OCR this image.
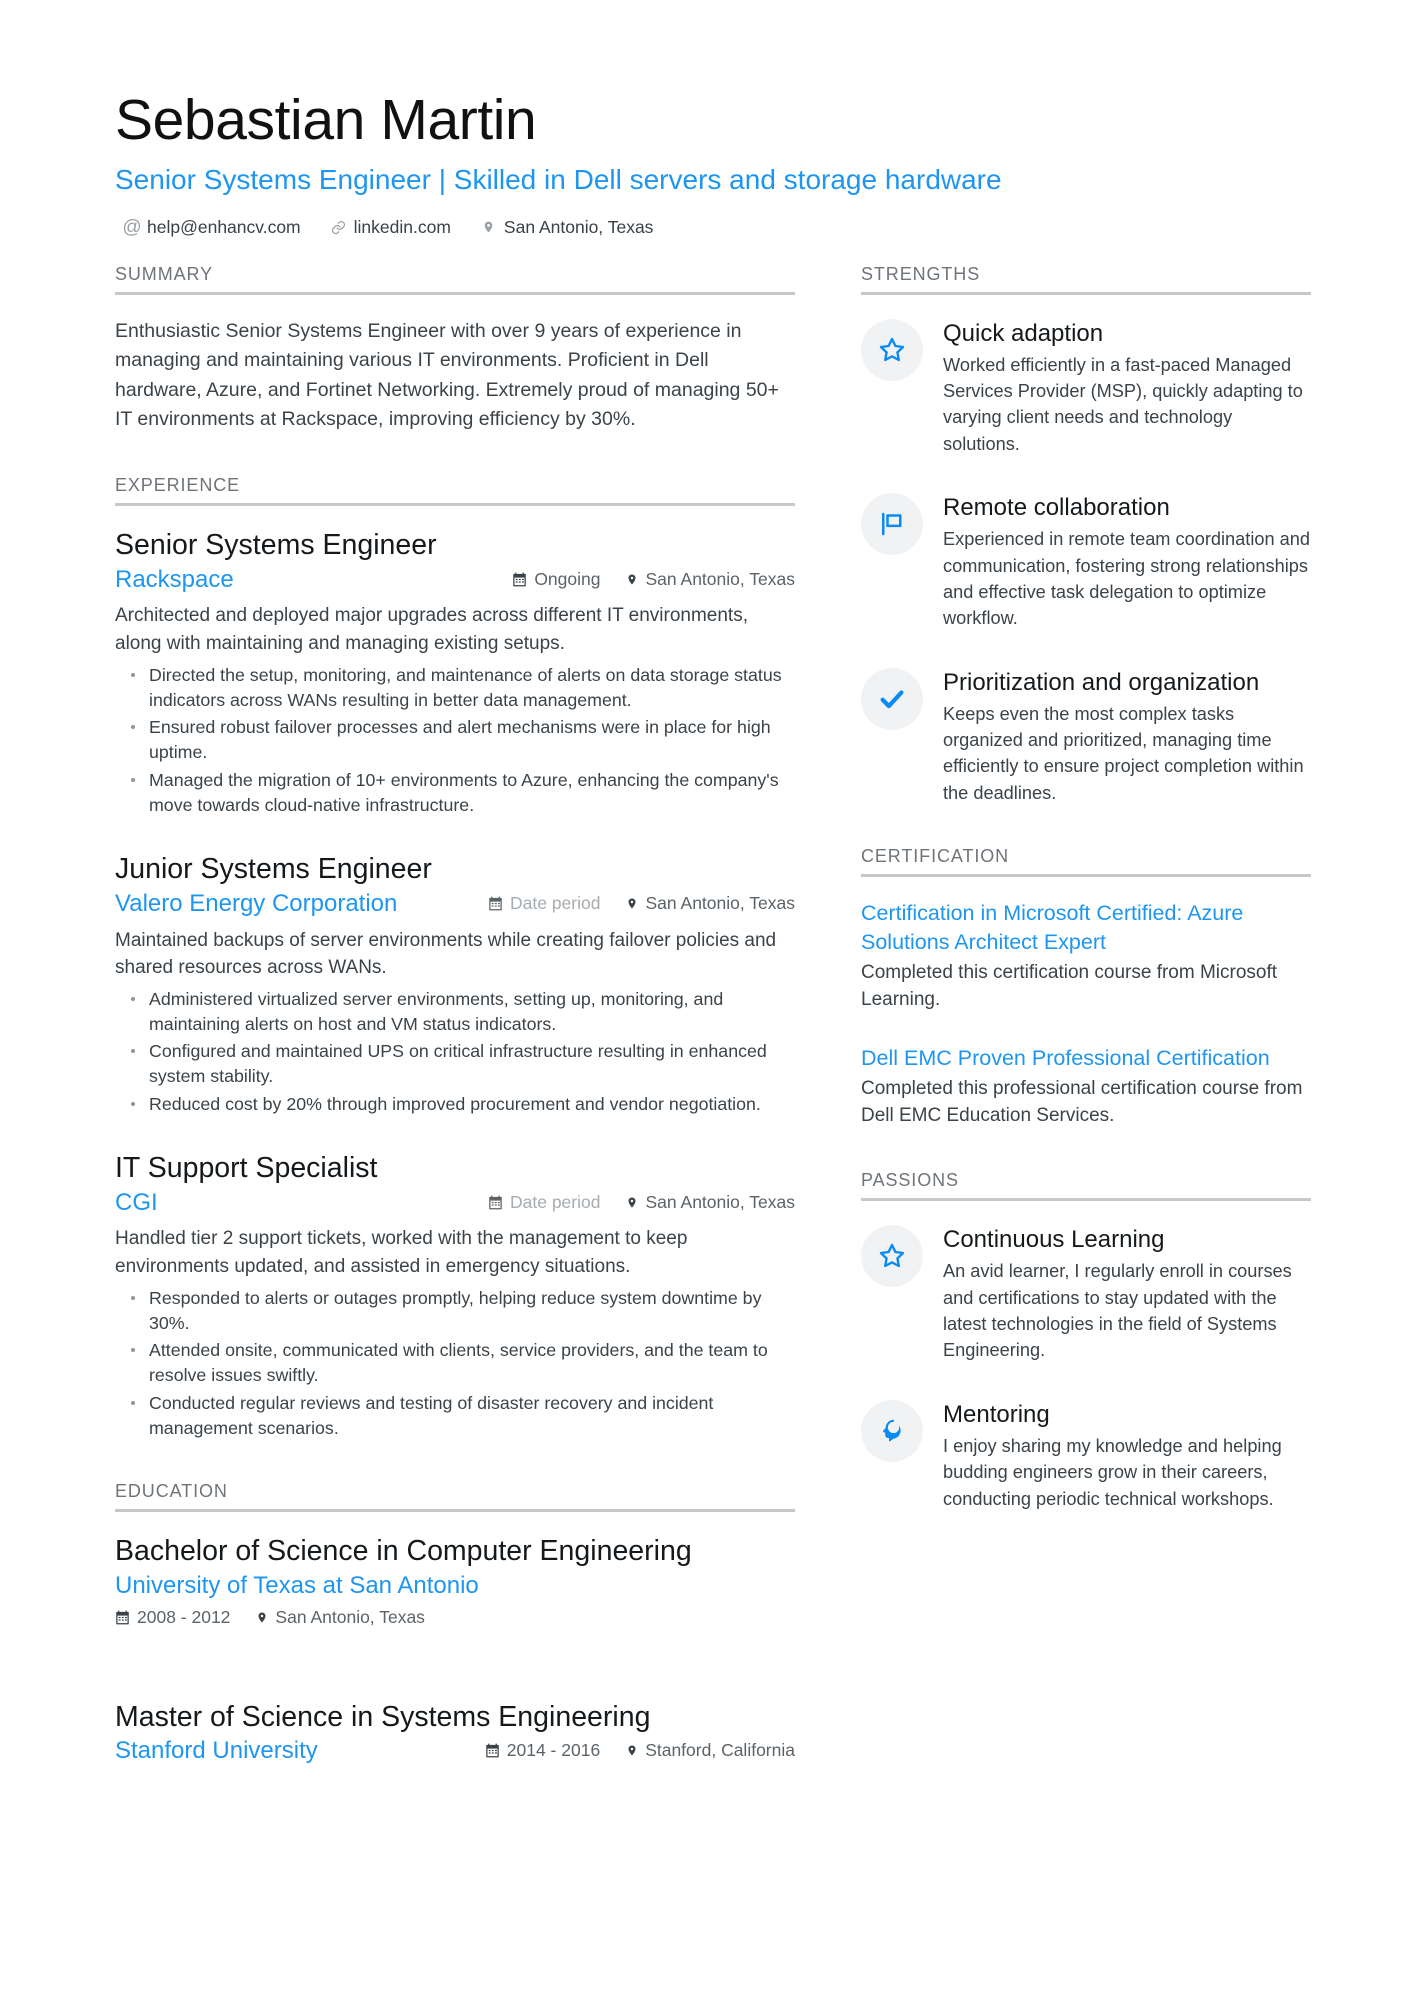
Sebastian Martin
Senior Systems Engineer | Skilled in Dell servers and storage hardware
@ help@enhancv.com	linkedin.com	San Antonio, Texas
SUMMARY
Enthusiastic Senior Systems Engineer with over 9 years of experience in managing and maintaining various IT environments. Proficient in Dell hardware, Azure, and Fortinet Networking. Extremely proud of managing 50+ IT environments at Rackspace, improving efficiency by 30%.
EXPERIENCE
Senior Systems Engineer
Rackspace	Ongoing	San Antonio, Texas
Architected and deployed major upgrades across different IT environments, along with maintaining and managing existing setups.
Directed the setup, monitoring, and maintenance of alerts on data storage status indicators across WANs resulting in better data management.
Ensured robust failover processes and alert mechanisms were in place for high uptime.
Managed the migration of 10+ environments to Azure, enhancing the company's move towards cloud-native infrastructure.
Junior Systems Engineer
Valero Energy Corporation	Date period	San Antonio, Texas
Maintained backups of server environments while creating failover policies and shared resources across WANs.
Administered virtualized server environments, setting up, monitoring, and maintaining alerts on host and VM status indicators.
Configured and maintained UPS on critical infrastructure resulting in enhanced system stability.
Reduced cost by 20% through improved procurement and vendor negotiation.
IT Support Specialist
CGI	Date period	San Antonio, Texas
Handled tier 2 support tickets, worked with the management to keep environments updated, and assisted in emergency situations.
Responded to alerts or outages promptly, helping reduce system downtime by 30%.
Attended onsite, communicated with clients, service providers, and the team to resolve issues swiftly.
Conducted regular reviews and testing of disaster recovery and incident management scenarios.
EDUCATION
Bachelor of Science in Computer Engineering
University of Texas at San Antonio
2008 - 2012	San Antonio, Texas
Master of Science in Systems Engineering
Stanford University	2014 - 2016	Stanford, California
STRENGTHS
Quick adaption
Worked efficiently in a fast-paced Managed Services Provider (MSP), quickly adapting to varying client needs and technology solutions.
Remote collaboration
Experienced in remote team coordination and communication, fostering strong relationships and effective task delegation to optimize workflow.
Prioritization and organization
Keeps even the most complex tasks organized and prioritized, managing time efficiently to ensure project completion within the deadlines.
CERTIFICATION
Certification in Microsoft Certified: Azure Solutions Architect Expert
Completed this certification course from Microsoft Learning.
Dell EMC Proven Professional Certification
Completed this professional certification course from Dell EMC Education Services.
PASSIONS
Continuous Learning
An avid learner, I regularly enroll in courses and certifications to stay updated with the latest technologies in the field of Systems Engineering.
Mentoring
I enjoy sharing my knowledge and helping budding engineers grow in their careers, conducting periodic technical workshops.
